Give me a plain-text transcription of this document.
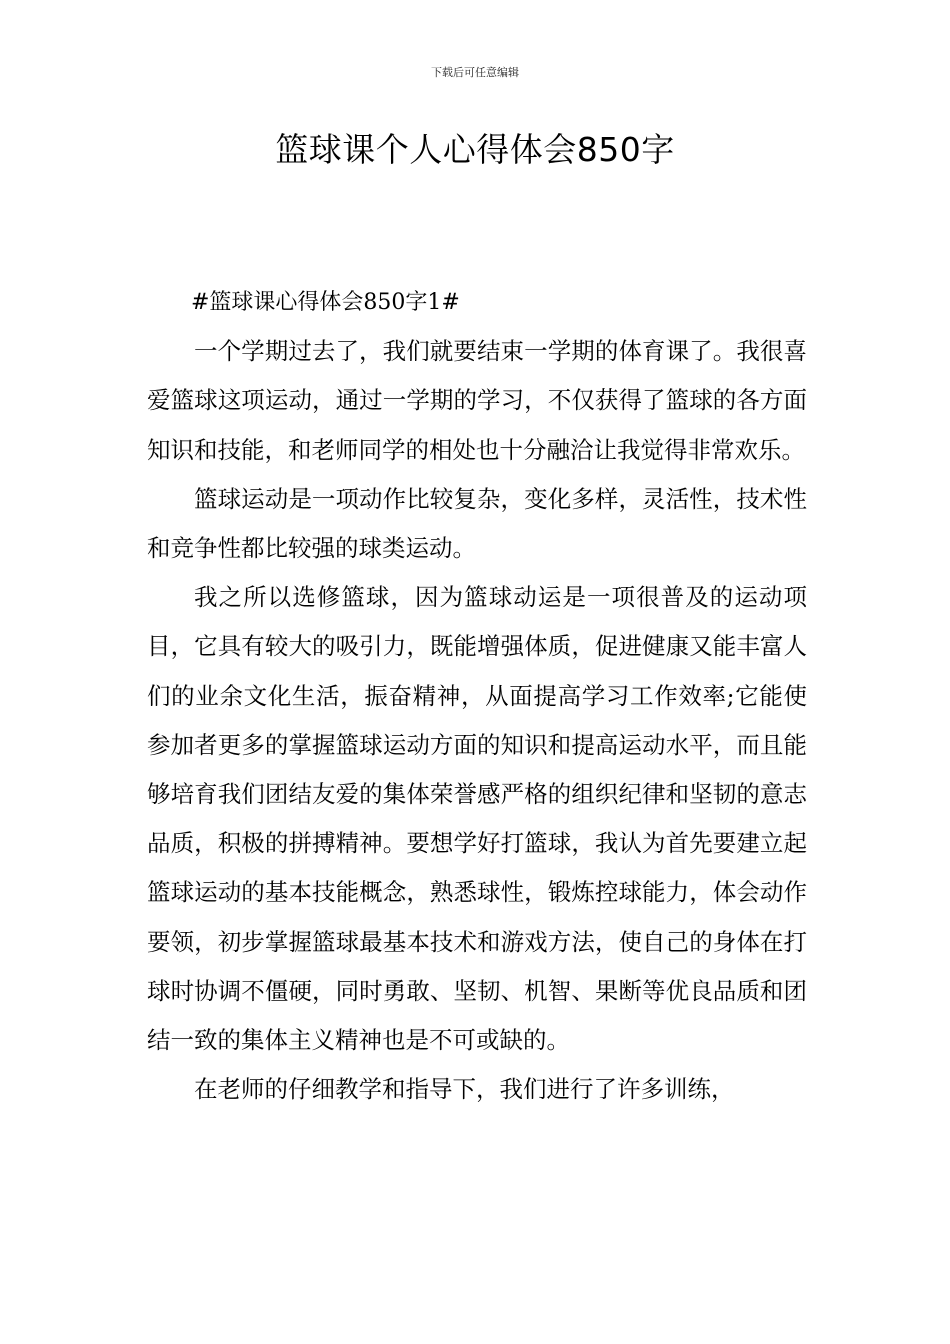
下载后可任意编辑
篮球课个人心得体会850字

#篮球课心得体会850字1#

一个学期过去了，我们就要结束一学期的体育课了。我很喜爱篮球这项运动，通过一学期的学习，不仅获得了篮球的各方面知识和技能，和老师同学的相处也十分融洽让我觉得非常欢乐。

篮球运动是一项动作比较复杂，变化多样，灵活性，技术性和竞争性都比较强的球类运动。

我之所以选修篮球，因为篮球动运是一项很普及的运动项目，它具有较大的吸引力，既能增强体质，促进健康又能丰富人们的业余文化生活，振奋精神，从面提高学习工作效率;它能使参加者更多的掌握篮球运动方面的知识和提高运动水平，而且能够培育我们团结友爱的集体荣誉感严格的组织纪律和坚韧的意志品质，积极的拼搏精神。要想学好打篮球，我认为首先要建立起篮球运动的基本技能概念，熟悉球性，锻炼控球能力，体会动作要领，初步掌握篮球最基本技术和游戏方法，使自己的身体在打球时协调不僵硬，同时勇敢、坚韧、机智、果断等优良品质和团结一致的集体主义精神也是不可或缺的。

在老师的仔细教学和指导下，我们进行了许多训练，
